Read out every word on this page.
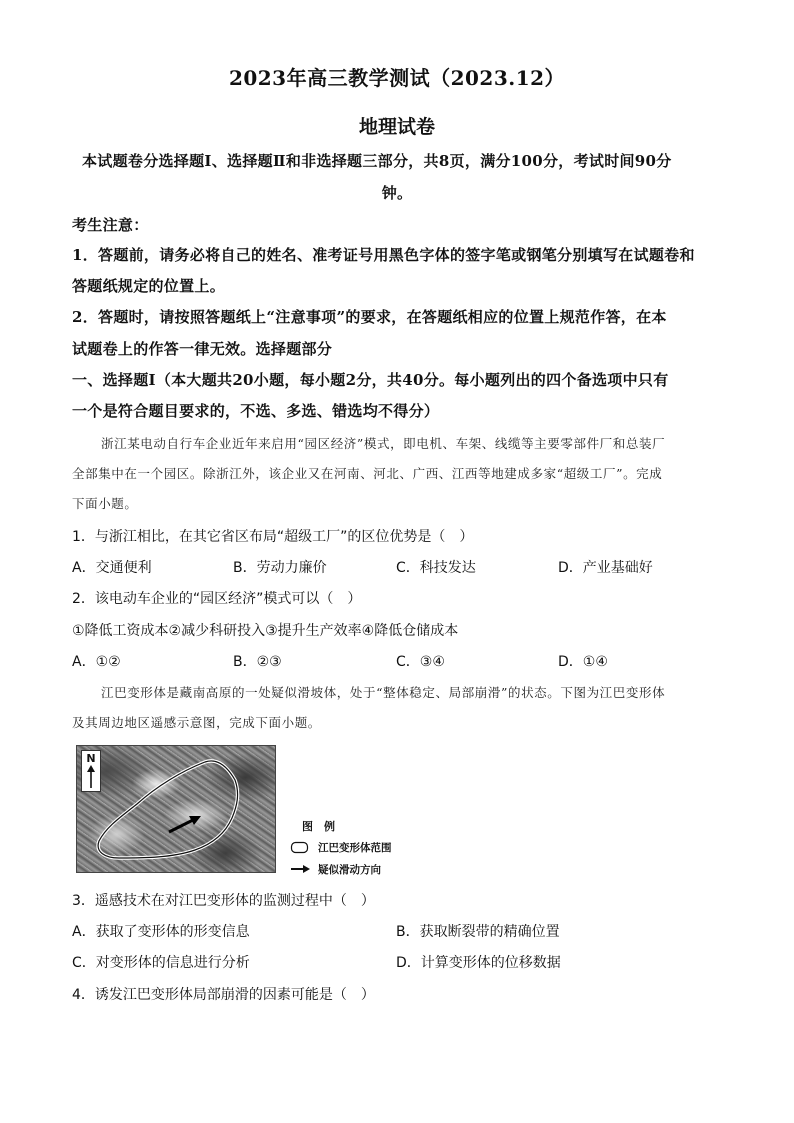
2023年高三教学测试（2023.12）
地理试卷
本试题卷分选择题Ⅰ、选择题Ⅱ和非选择题三部分，共8页，满分100分，考试时间90分
钟。
考生注意：
1．答题前，请务必将自己的姓名、准考证号用黑色字体的签字笔或钢笔分别填写在试题卷和
答题纸规定的位置上。
2．答题时，请按照答题纸上“注意事项”的要求，在答题纸相应的位置上规范作答，在本
试题卷上的作答一律无效。选择题部分
一、选择题Ⅰ（本大题共20小题，每小题2分，共40分。每小题列出的四个备选项中只有
一个是符合题目要求的，不选、多选、错选均不得分）
浙江某电动自行车企业近年来启用“园区经济”模式，即电机、车架、线缆等主要零部件厂和总装厂
全部集中在一个园区。除浙江外，该企业又在河南、河北、广西、江西等地建成多家“超级工厂”。完成
下面小题。
1．与浙江相比，在其它省区布局“超级工厂”的区位优势是（　）
A．交通便利	B．劳动力廉价	C．科技发达	D．产业基础好
2．该电动车企业的“园区经济”模式可以（　）
①降低工资成本②减少科研投入③提升生产效率④降低仓储成本
A．①②	B．②③	C．③④	D．①④
江巴变形体是藏南高原的一处疑似滑坡体，处于“整体稳定、局部崩滑”的状态。下图为江巴变形体
及其周边地区遥感示意图，完成下面小题。
N
图　例
江巴变形体范围
疑似滑动方向
3．遥感技术在对江巴变形体的监测过程中（　）
A．获取了变形体的形变信息	B．获取断裂带的精确位置
C．对变形体的信息进行分析	D．计算变形体的位移数据
4．诱发江巴变形体局部崩滑的因素可能是（　）
